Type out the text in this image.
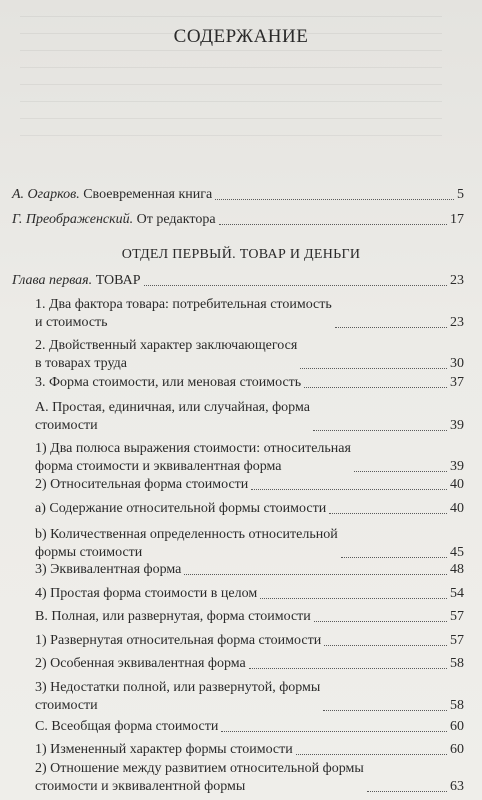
СОДЕРЖАНИЕ
А. Огарков. Своевременная книга	5
Г. Преображенский. От редактора	17
ОТДЕЛ ПЕРВЫЙ. ТОВАР И ДЕНЬГИ
Глава первая. ТОВАР	23
1. Два фактора товара: потребительная стоимость
и стоимость	23
2. Двойственный характер заключающегося
в товарах труда	30
3. Форма стоимости, или меновая стоимость	37
А. Простая, единичная, или случайная, форма
стоимости	39
1) Два полюса выражения стоимости: относительная
форма стоимости и эквивалентная форма	39
2) Относительная форма стоимости	40
a) Содержание относительной формы стоимости	40
b) Количественная определенность относительной
формы стоимости	45
3) Эквивалентная форма	48
4) Простая форма стоимости в целом	54
B. Полная, или развернутая, форма стоимости	57
1) Развернутая относительная форма стоимости	57
2) Особенная эквивалентная форма	58
3) Недостатки полной, или развернутой, формы
стоимости	58
C. Всеобщая форма стоимости	60
1) Измененный характер формы стоимости	60
2) Отношение между развитием относительной формы
стоимости и эквивалентной формы	63
